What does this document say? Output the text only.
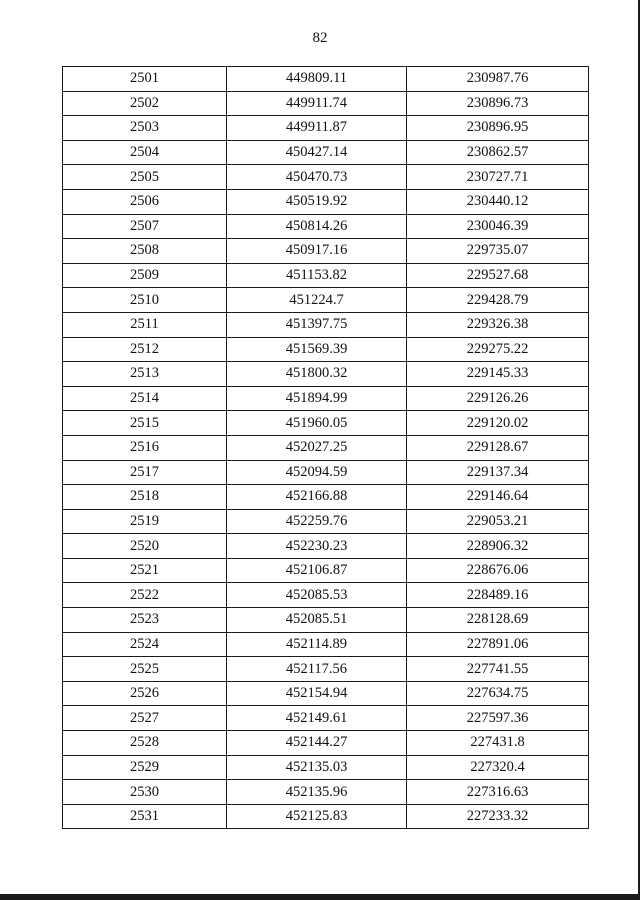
82
2501	449809.11	230987.76
2502	449911.74	230896.73
2503	449911.87	230896.95
2504	450427.14	230862.57
2505	450470.73	230727.71
2506	450519.92	230440.12
2507	450814.26	230046.39
2508	450917.16	229735.07
2509	451153.82	229527.68
2510	451224.7	229428.79
2511	451397.75	229326.38
2512	451569.39	229275.22
2513	451800.32	229145.33
2514	451894.99	229126.26
2515	451960.05	229120.02
2516	452027.25	229128.67
2517	452094.59	229137.34
2518	452166.88	229146.64
2519	452259.76	229053.21
2520	452230.23	228906.32
2521	452106.87	228676.06
2522	452085.53	228489.16
2523	452085.51	228128.69
2524	452114.89	227891.06
2525	452117.56	227741.55
2526	452154.94	227634.75
2527	452149.61	227597.36
2528	452144.27	227431.8
2529	452135.03	227320.4
2530	452135.96	227316.63
2531	452125.83	227233.32
